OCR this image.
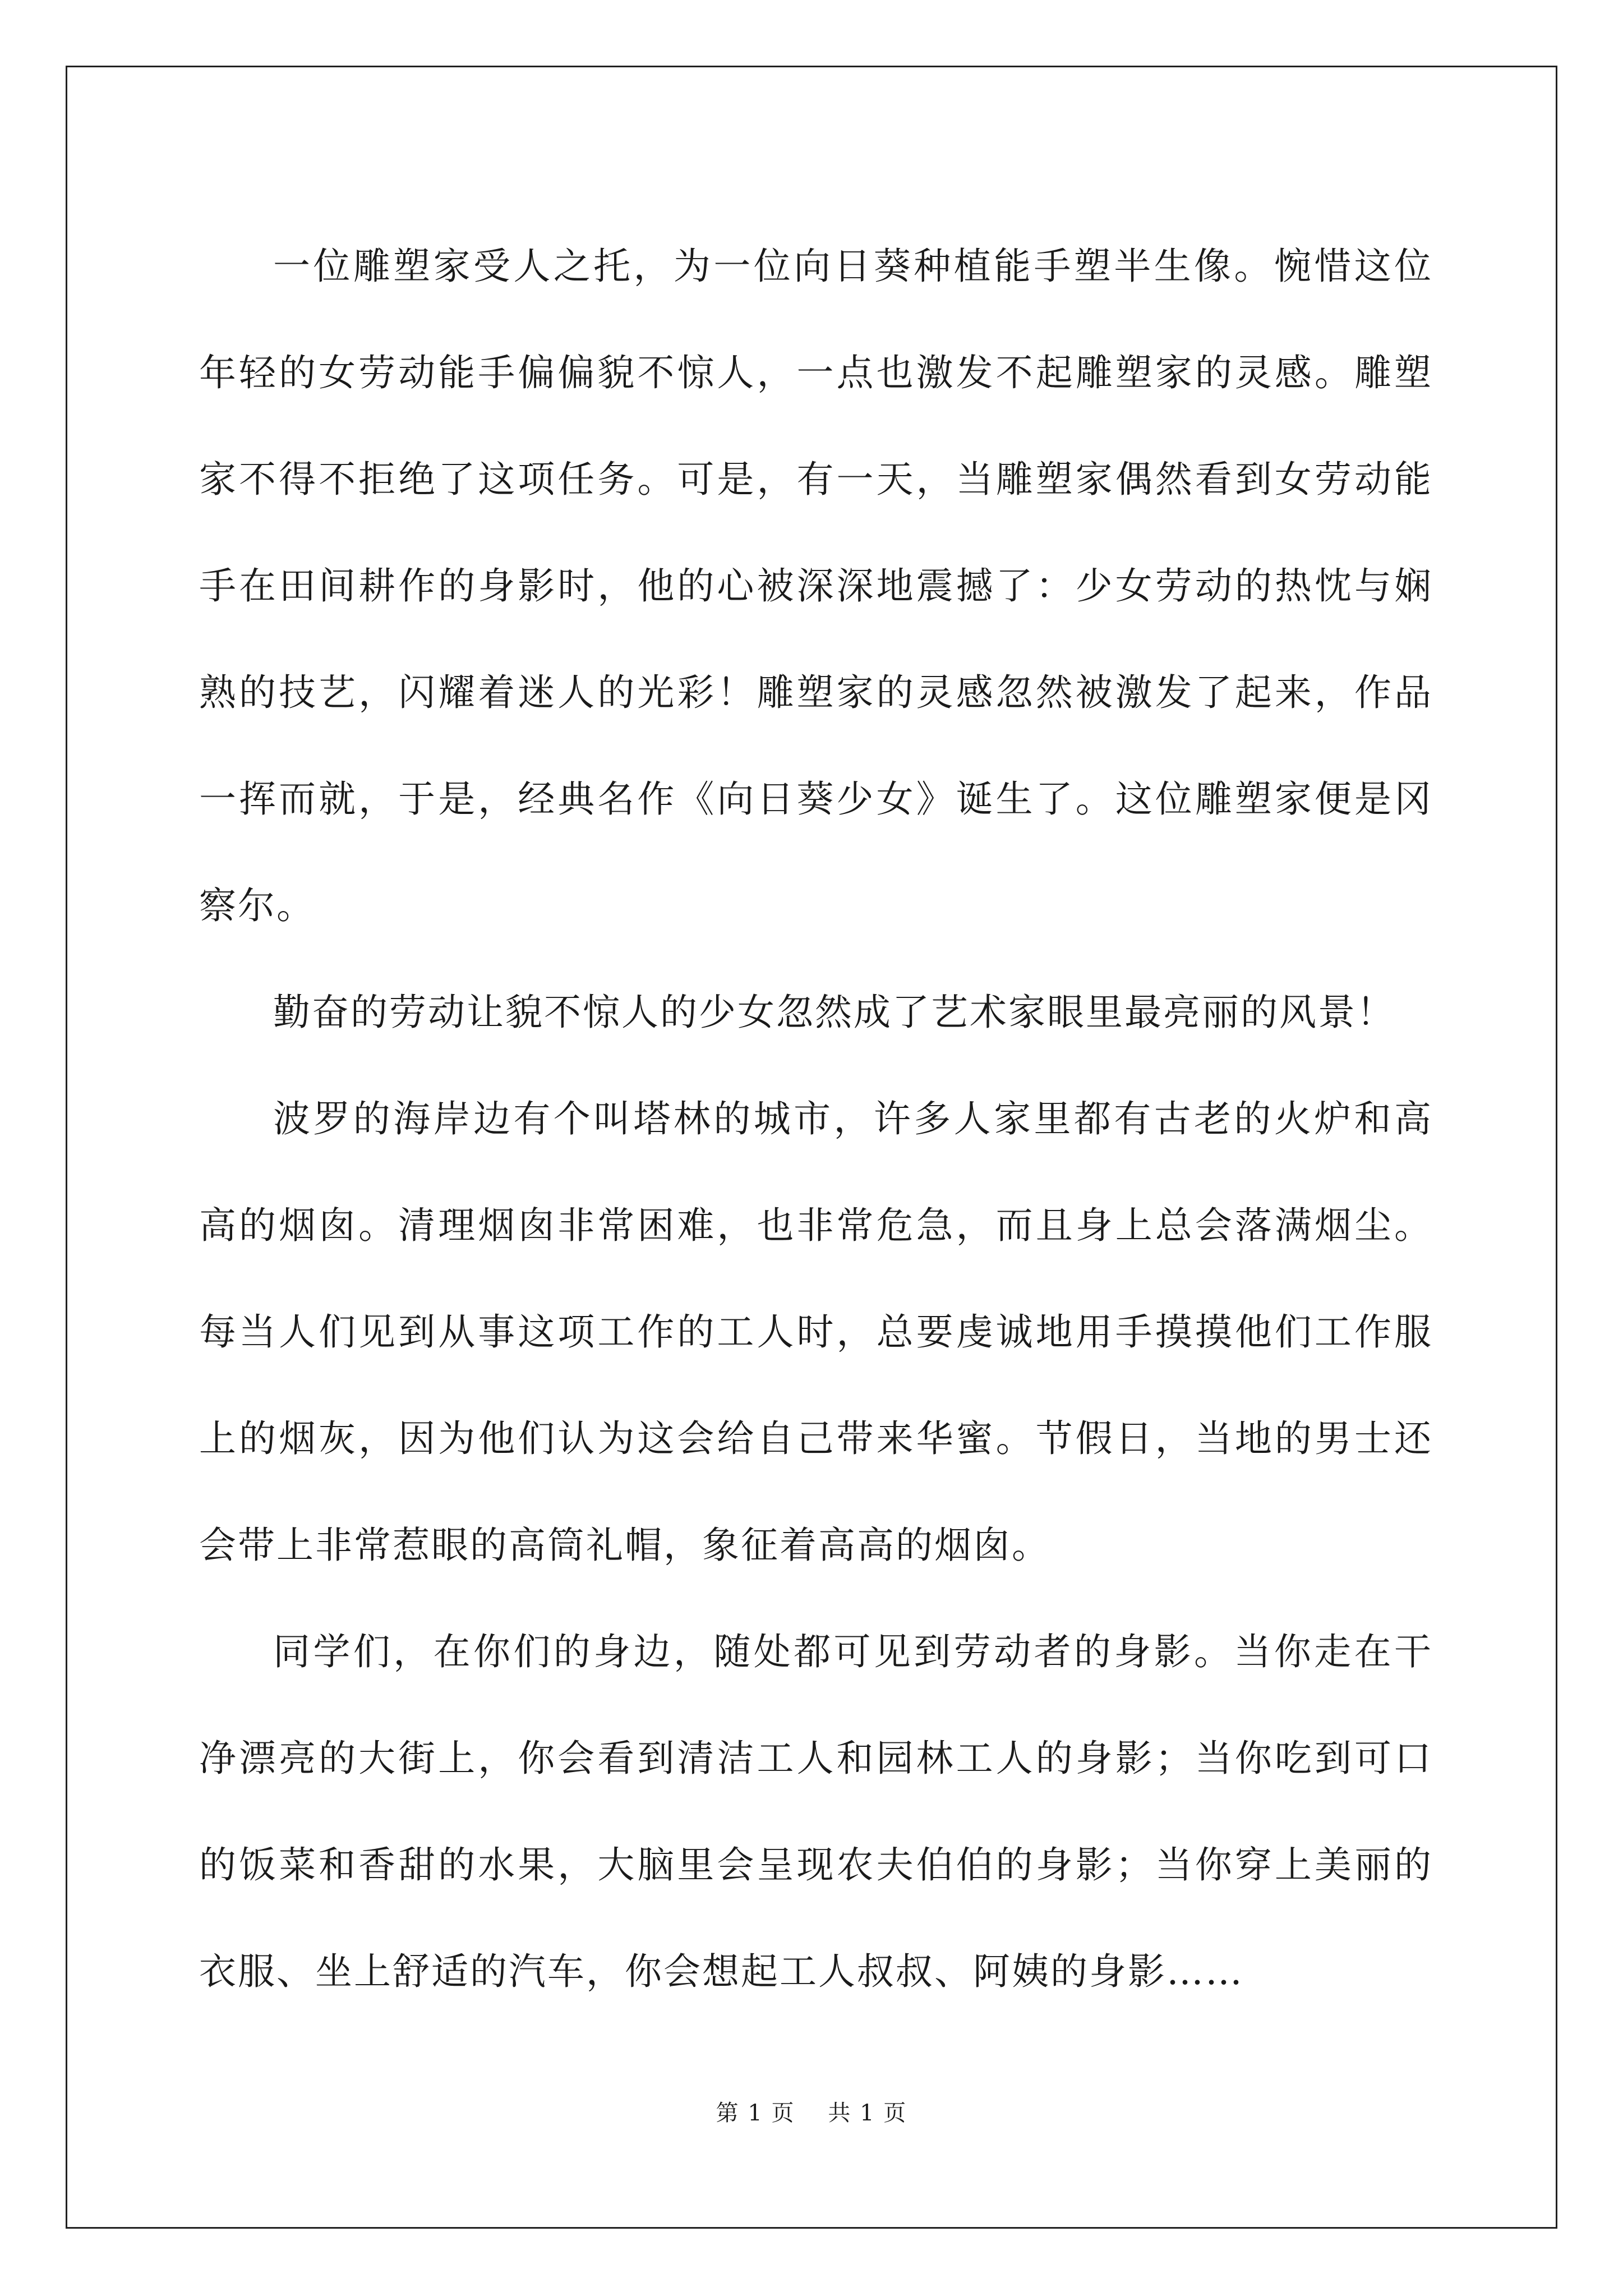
一位雕塑家受人之托，为一位向日葵种植能手塑半生像。惋惜这位年轻的女劳动能手偏偏貌不惊人，一点也激发不起雕塑家的灵感。雕塑家不得不拒绝了这项任务。可是，有一天，当雕塑家偶然看到女劳动能手在田间耕作的身影时，他的心被深深地震撼了：少女劳动的热忱与娴熟的技艺，闪耀着迷人的光彩！雕塑家的灵感忽然被激发了起来，作品一挥而就，于是，经典名作《向日葵少女》诞生了。这位雕塑家便是冈察尔。

勤奋的劳动让貌不惊人的少女忽然成了艺术家眼里最亮丽的风景！

波罗的海岸边有个叫塔林的城市，许多人家里都有古老的火炉和高高的烟囱。清理烟囱非常困难，也非常危急，而且身上总会落满烟尘。每当人们见到从事这项工作的工人时，总要虔诚地用手摸摸他们工作服上的烟灰，因为他们认为这会给自己带来华蜜。节假日，当地的男士还会带上非常惹眼的高筒礼帽，象征着高高的烟囱。

同学们，在你们的身边，随处都可见到劳动者的身影。当你走在干净漂亮的大街上，你会看到清洁工人和园林工人的身影；当你吃到可口的饭菜和香甜的水果，大脑里会呈现农夫伯伯的身影；当你穿上美丽的衣服、坐上舒适的汽车，你会想起工人叔叔、阿姨的身影……

第 1 页 共 1 页
